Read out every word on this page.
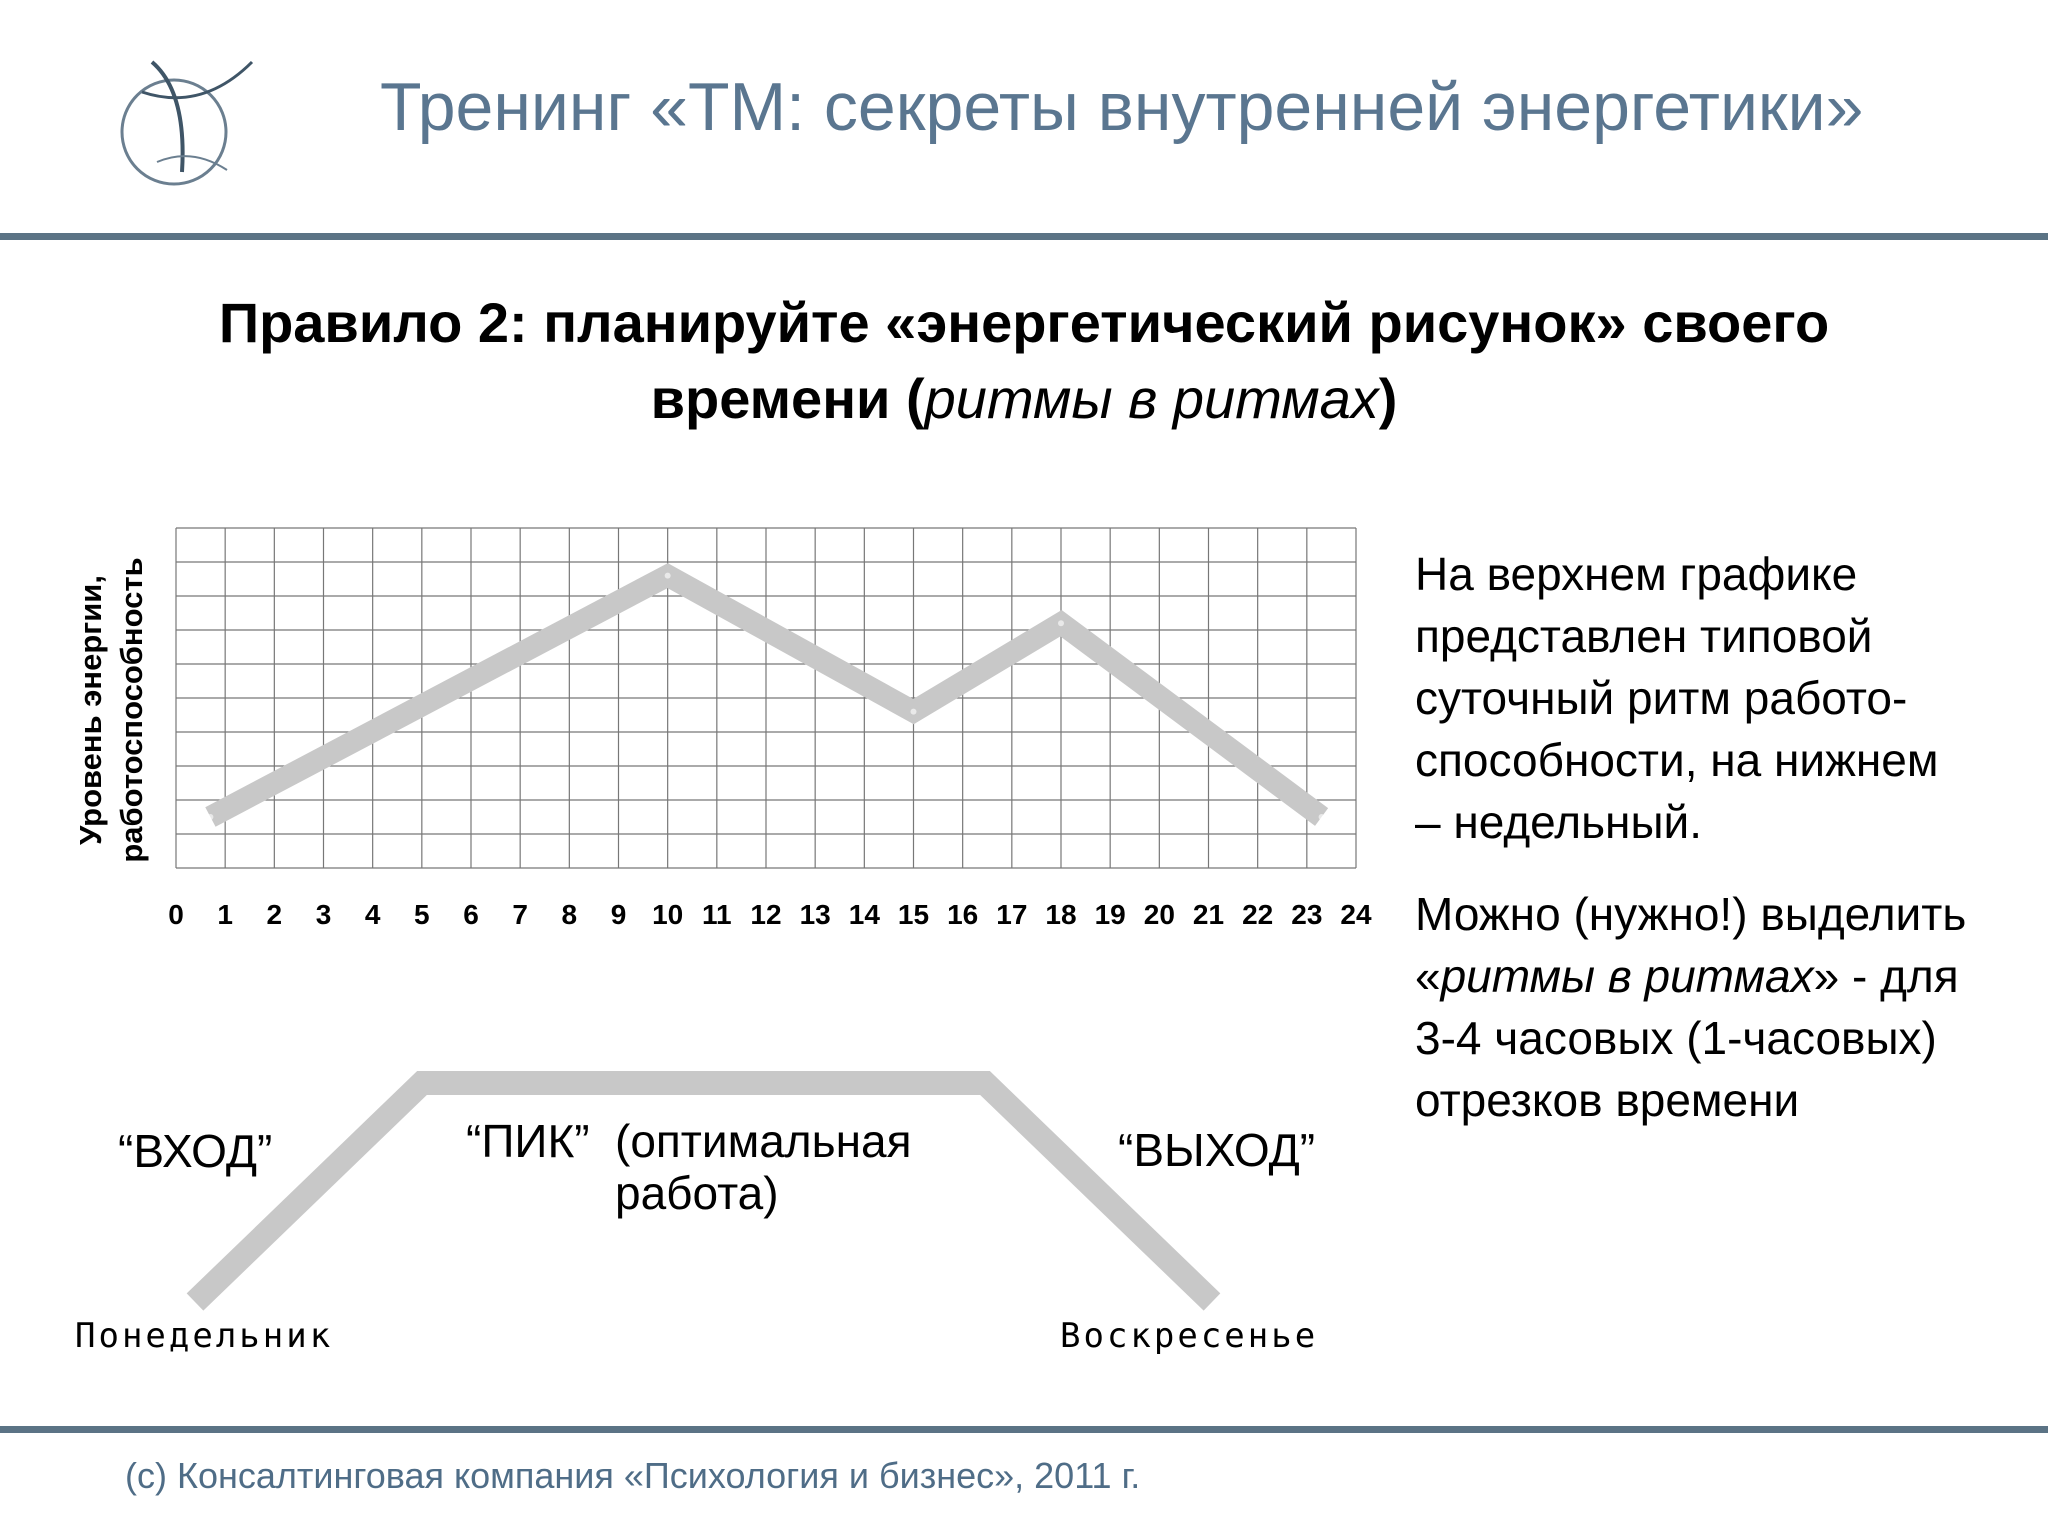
Тренинг «ТМ: секреты внутренней энергетики»
Правило 2: планируйте «энергетический рисунок» своего
времени (ритмы в ритмах)
Уровень энергии, работоспособность
0 1 2 3 4 5 6 7 8 9 10 11 12 13 14 15 16 17 18 19 20 21 22 23 24
“ВХОД”	“ПИК” (оптимальная
работа)
“ВЫХОД”
Понедельник	Воскресенье

На верхнем графике представлен типовой суточный ритм работо- способности, на нижнем – недельный.

Можно (нужно!) выделить «ритмы в ритмах» - для 3-4 часовых (1-часовых) отрезков времени

(с) Консалтинговая компания «Психология и бизнес», 2011 г.
